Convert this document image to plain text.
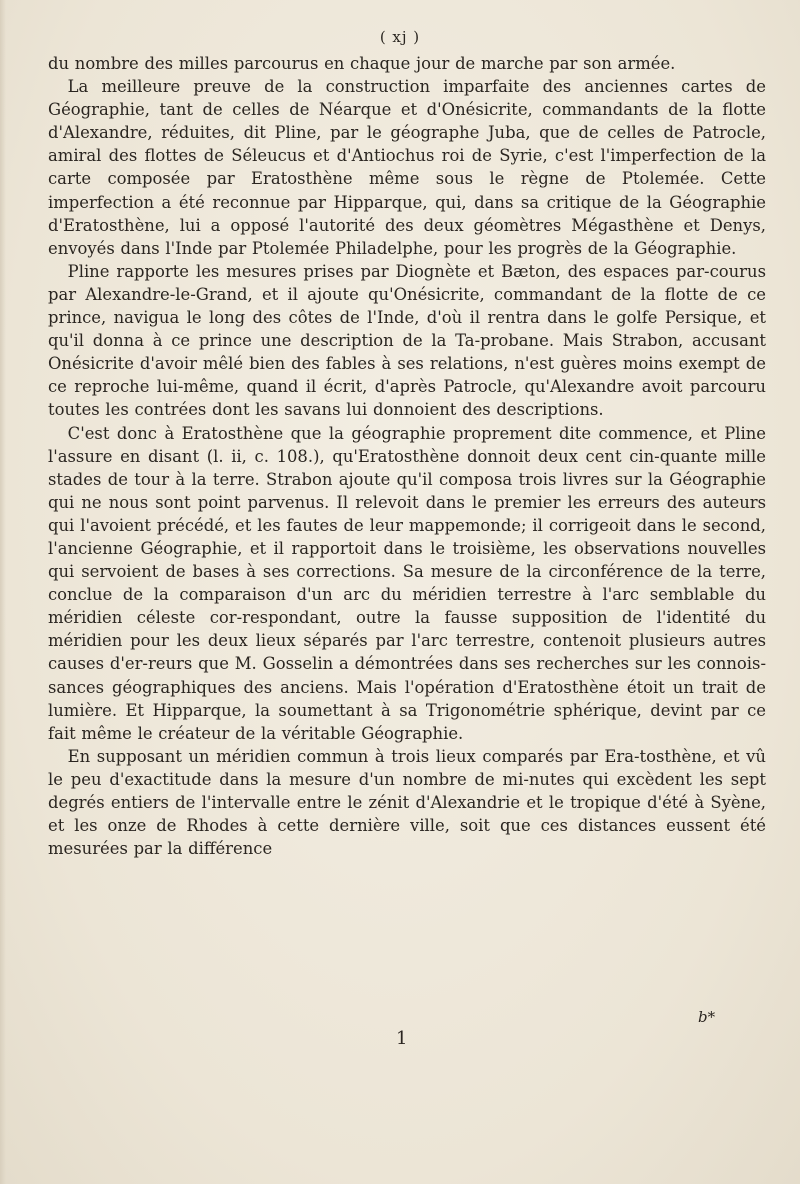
( xj )

du nombre des milles parcourus en chaque jour de marche par son armée.

La meilleure preuve de la construction imparfaite des anciennes cartes de Géographie, tant de celles de Néarque et d'Onésicrite, commandants de la flotte d'Alexandre, réduites, dit Pline, par le géographe Juba, que de celles de Patrocle, amiral des flottes de Séleucus et d'Antiochus roi de Syrie, c'est l'imperfection de la carte composée par Eratosthène même sous le règne de Ptolemée. Cette imperfection a été reconnue par Hipparque, qui, dans sa critique de la Géographie d'Eratosthène, lui a opposé l'autorité des deux géomètres Mégasthène et Denys, envoyés dans l'Inde par Ptolemée Philadelphe, pour les progrès de la Géographie.

Pline rapporte les mesures prises par Diognète et Bæton, des espaces par-courus par Alexandre-le-Grand, et il ajoute qu'Onésicrite, commandant de la flotte de ce prince, navigua le long des côtes de l'Inde, d'où il rentra dans le golfe Persique, et qu'il donna à ce prince une description de la Ta-probane. Mais Strabon, accusant Onésicrite d'avoir mêlé bien des fables à ses relations, n'est guères moins exempt de ce reproche lui-même, quand il écrit, d'après Patrocle, qu'Alexandre avoit parcouru toutes les contrées dont les savans lui donnoient des descriptions.

C'est donc à Eratosthène que la géographie proprement dite commence, et Pline l'assure en disant (l. ii, c. 108.), qu'Eratosthène donnoit deux cent cin-quante mille stades de tour à la terre. Strabon ajoute qu'il composa trois livres sur la Géographie qui ne nous sont point parvenus. Il relevoit dans le premier les erreurs des auteurs qui l'avoient précédé, et les fautes de leur mappemonde; il corrigeoit dans le second, l'ancienne Géographie, et il rapportoit dans le troisième, les observations nouvelles qui servoient de bases à ses corrections. Sa mesure de la circonférence de la terre, conclue de la comparaison d'un arc du méridien terrestre à l'arc semblable du méridien céleste cor-respondant, outre la fausse supposition de l'identité du méridien pour les deux lieux séparés par l'arc terrestre, contenoit plusieurs autres causes d'er-reurs que M. Gosselin a démontrées dans ses recherches sur les connois-sances géographiques des anciens. Mais l'opération d'Eratosthène étoit un trait de lumière. Et Hipparque, la soumettant à sa Trigonométrie sphérique, devint par ce fait même le créateur de la véritable Géographie.

En supposant un méridien commun à trois lieux comparés par Era-tosthène, et vû le peu d'exactitude dans la mesure d'un nombre de mi-nutes qui excèdent les sept degrés entiers de l'intervalle entre le zénit d'Alexandrie et le tropique d'été à Syène, et les onze de Rhodes à cette dernière ville, soit que ces distances eussent été mesurées par la différence

b*
1
